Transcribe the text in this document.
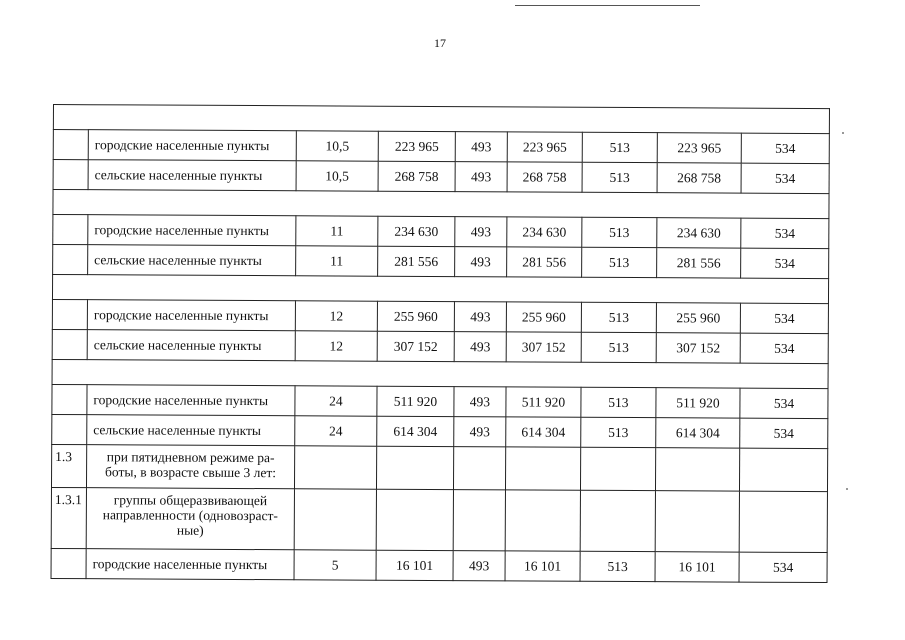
17

	городские населенные пункты	10,5	223 965	493	223 965	513	223 965	534
	сельские населенные пункты	10,5	268 758	493	268 758	513	268 758	534

	городские населенные пункты	11	234 630	493	234 630	513	234 630	534
	сельские населенные пункты	11	281 556	493	281 556	513	281 556	534

	городские населенные пункты	12	255 960	493	255 960	513	255 960	534
	сельские населенные пункты	12	307 152	493	307 152	513	307 152	534

	городские населенные пункты	24	511 920	493	511 920	513	511 920	534
	сельские населенные пункты	24	614 304	493	614 304	513	614 304	534
1.3	при пятидневном режиме ра-
боты, в возрасте свыше 3 лет:							
1.3.1	группы общеразвивающей
направленности (одновозраст-
ные)							
	городские населенные пункты	5	16 101	493	16 101	513	16 101	534
